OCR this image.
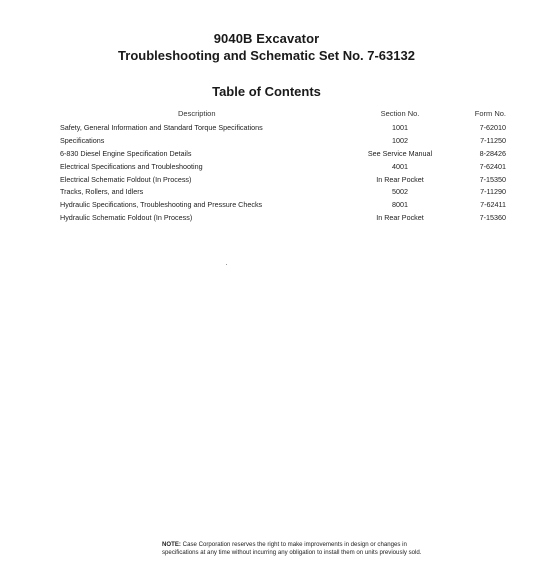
9040B Excavator
Troubleshooting and Schematic Set No. 7-63132
Table of Contents
Description	Section No.	Form No.
Safety, General Information and Standard Torque Specifications	1001	7-62010
Specifications	1002	7-11250
6-830 Diesel Engine Specification Details	See Service Manual	8-28426
Electrical Specifications and Troubleshooting	4001	7-62401
Electrical Schematic Foldout (In Process)	In Rear Pocket	7-15350
Tracks, Rollers, and Idlers	5002	7-11290
Hydraulic Specifications, Troubleshooting and Pressure Checks	8001	7-62411
Hydraulic Schematic Foldout (In Process)	In Rear Pocket	7-15360
NOTE: Case Corporation reserves the right to make improvements in design or changes in specifications at any time without incurring any obligation to install them on units previously sold.
